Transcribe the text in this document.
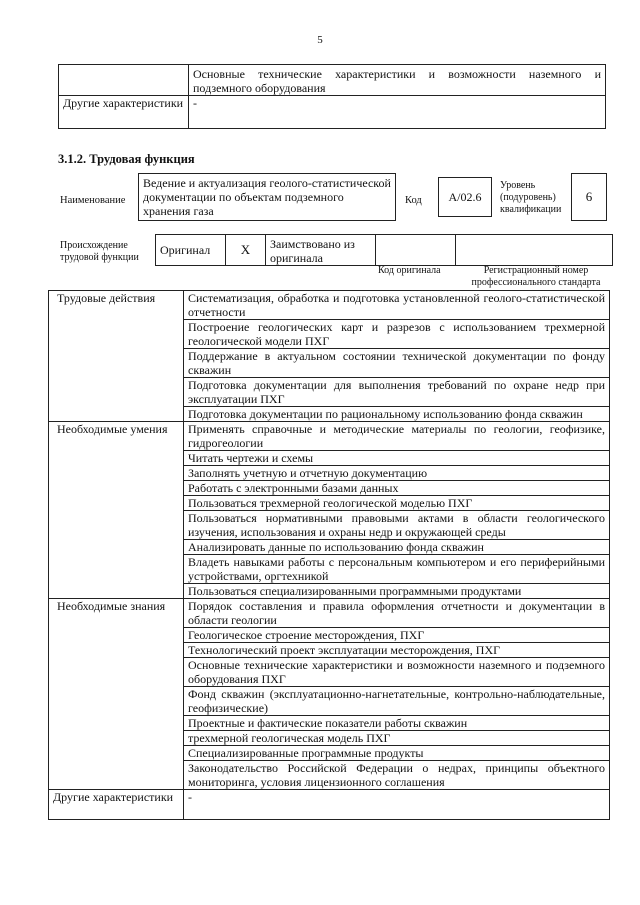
5
	Основные технические характеристики и возможности наземного и подземного оборудования
Другие характеристики	-
3.1.2. Трудовая функция
Наименование
Ведение и актуализация геолого-статистической документации по объектам подземного хранения газа
Код	A/02.6
Уровень (подуровень) квалификации
6
Происхождение трудовой функции
Оригинал	X	Заимствовано из оригинала		
Код оригинала	Регистрационный номер профессионального стандарта
Трудовые действия	Систематизация, обработка и подготовка установленной геолого-статистической отчетности
	Построение геологических карт и разрезов с использованием трехмерной геологической модели ПХГ
	Поддержание в актуальном состоянии технической документации по фонду скважин
	Подготовка документации для выполнения требований по охране недр при эксплуатации ПХГ
	Подготовка документации по рациональному использованию фонда скважин
Необходимые умения	Применять справочные и методические материалы по геологии, геофизике, гидрогеологии
	Читать чертежи и схемы
	Заполнять учетную и отчетную документацию
	Работать с электронными базами данных
	Пользоваться трехмерной геологической моделью ПХГ
	Пользоваться нормативными правовыми актами в области геологического изучения, использования и охраны недр и окружающей среды
	Анализировать данные по использованию фонда скважин
	Владеть навыками работы с персональным компьютером и его периферийными устройствами, оргтехникой
	Пользоваться специализированными программными продуктами
Необходимые знания	Порядок составления и правила оформления отчетности и документации в области геологии
	Геологическое строение месторождения, ПХГ
	Технологический проект эксплуатации месторождения, ПХГ
	Основные технические характеристики и возможности наземного и подземного оборудования ПХГ
	Фонд скважин (эксплуатационно-нагнетательные, контрольно-наблюдательные, геофизические)
	Проектные и фактические показатели работы скважин
	трехмерной геологическая модель ПХГ
	Специализированные программные продукты
	Законодательство Российской Федерации о недрах, принципы объектного мониторинга, условия лицензионного соглашения
Другие характеристики	-
